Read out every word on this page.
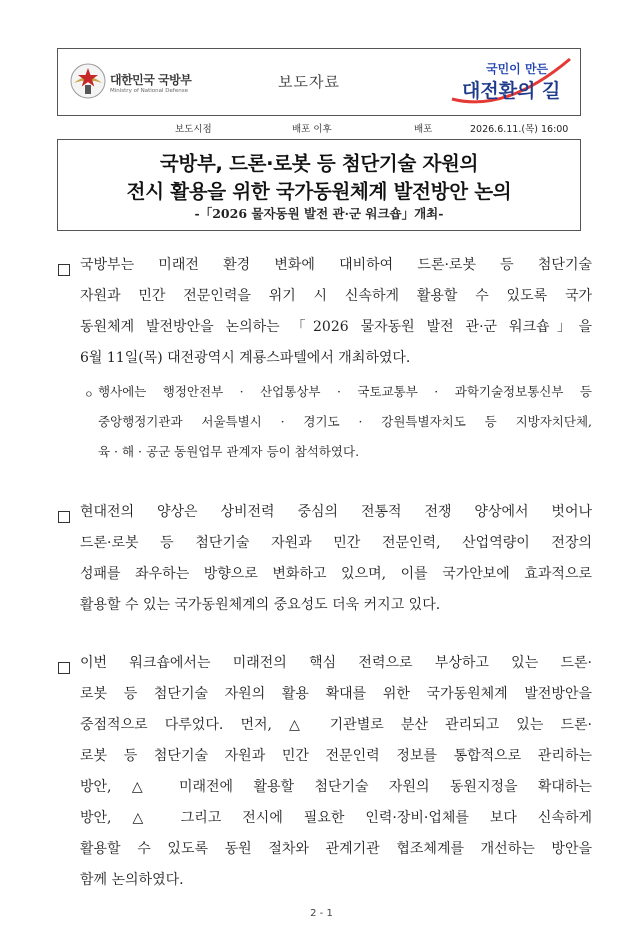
대한민국 국방부
Ministry of National Defense	보도자료
국민이 만든
대전환의 길
보도시점	배포 이후	배포	2026.6.11.(목) 16:00
국방부, 드론·로봇 등 첨단기술 자원의
전시 활용을 위한 국가동원체계 발전방안 논의
-「2026 물자동원 발전 관·군 워크숍」개최-
국방부는 미래전 환경 변화에 대비하여 드론·로봇 등 첨단기술
자원과 민간 전문인력을 위기 시 신속하게 활용할 수 있도록 국가
동원체계 발전방안을 논의하는 「2026 물자동원 발전 관·군 워크숍」을
6월 11일(목) 대전광역시 계룡스파텔에서 개최하였다.
ㅇ 행사에는 행정안전부 · 산업통상부 · 국토교통부 · 과학기술정보통신부 등
중앙행정기관과 서울특별시 · 경기도 · 강원특별자치도 등 지방자치단체,
육 · 해 · 공군 동원업무 관계자 등이 참석하였다.
현대전의 양상은 상비전력 중심의 전통적 전쟁 양상에서 벗어나
드론·로봇 등 첨단기술 자원과 민간 전문인력, 산업역량이 전장의
성패를 좌우하는 방향으로 변화하고 있으며, 이를 국가안보에 효과적으로
활용할 수 있는 국가동원체계의 중요성도 더욱 커지고 있다.
이번 워크숍에서는 미래전의 핵심 전력으로 부상하고 있는 드론·
로봇 등 첨단기술 자원의 활용 확대를 위한 국가동원체계 발전방안을
중점적으로 다루었다. 먼저, △ 기관별로 분산 관리되고 있는 드론·
로봇 등 첨단기술 자원과 민간 전문인력 정보를 통합적으로 관리하는
방안, △ 미래전에 활용할 첨단기술 자원의 동원지정을 확대하는
방안, △ 그리고 전시에 필요한 인력·장비·업체를 보다 신속하게
활용할 수 있도록 동원 절차와 관계기관 협조체계를 개선하는 방안을
함께 논의하였다.
2 - 1
